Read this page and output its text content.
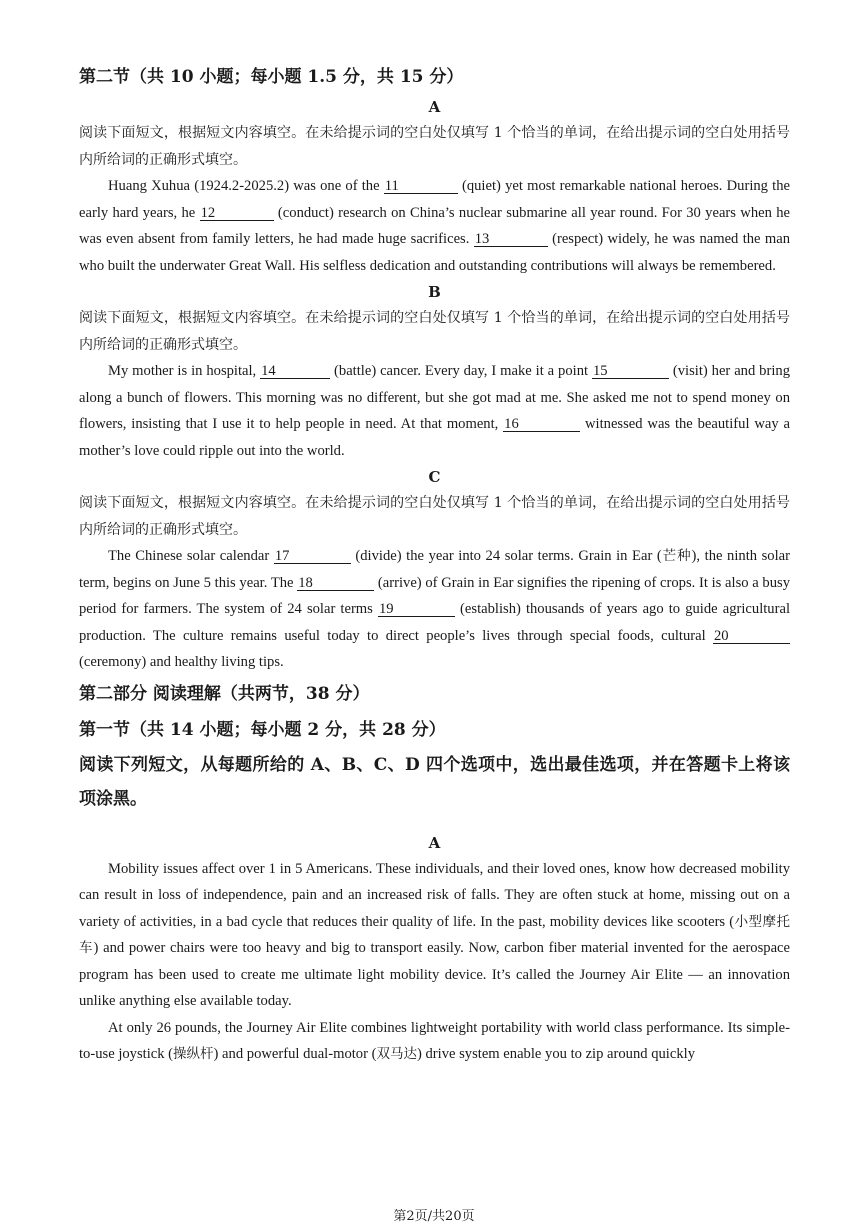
第二节（共 10 小题；每小题 1.5 分，共 15 分）

A

阅读下面短文，根据短文内容填空。在未给提示词的空白处仅填写 1 个恰当的单词，在给出提示词的空白处用括号内所给词的正确形式填空。

Huang Xuhua (1924.2-2025.2) was one of the 11	(quiet) yet most remarkable national heroes. During the early hard years, he 12	(conduct) research on China’s nuclear submarine all year round. For 30 years when he was even absent from family letters, he had made huge sacrifices. 13	(respect) widely, he was named the man who built the underwater Great Wall. His selfless dedication and outstanding contributions will always be remembered.

B

阅读下面短文，根据短文内容填空。在未给提示词的空白处仅填写 1 个恰当的单词，在给出提示词的空白处用括号内所给词的正确形式填空。

My mother is in hospital, 14	(battle) cancer. Every day, I make it a point 15	(visit) her and bring along a bunch of flowers. This morning was no different, but she got mad at me. She asked me not to spend money on flowers, insisting that I use it to help people in need. At that moment, 16	witnessed was the beautiful way a mother’s love could ripple out into the world.

C

阅读下面短文，根据短文内容填空。在未给提示词的空白处仅填写 1 个恰当的单词，在给出提示词的空白处用括号内所给词的正确形式填空。

The Chinese solar calendar 17	(divide) the year into 24 solar terms. Grain in Ear (芒种), the ninth solar term, begins on June 5 this year. The 18	(arrive) of Grain in Ear signifies the ripening of crops. It is also a busy period for farmers. The system of 24 solar terms 19	(establish) thousands of years ago to guide agricultural production. The culture remains useful today to direct people’s lives through special foods, cultural 20(ceremony) and healthy living tips.

第二部分 阅读理解（共两节，38 分）

第一节（共 14 小题；每小题 2 分，共 28 分）

阅读下列短文，从每题所给的 A、B、C、D 四个选项中，选出最佳选项，并在答题卡上将该项涂黑。

A

Mobility issues affect over 1 in 5 Americans. These individuals, and their loved ones, know how decreased mobility can result in loss of independence, pain and an increased risk of falls. They are often stuck at home, missing out on a variety of activities, in a bad cycle that reduces their quality of life. In the past, mobility devices like scooters (小型摩托车) and power chairs were too heavy and big to transport easily. Now, carbon fiber material invented for the aerospace program has been used to create me ultimate light mobility device. It’s called the Journey Air Elite — an innovation unlike anything else available today.

At only 26 pounds, the Journey Air Elite combines lightweight portability with world class performance. Its simple-to-use joystick (操纵杆) and powerful dual-motor (双马达) drive system enable you to zip around quickly

第2页/共20页
